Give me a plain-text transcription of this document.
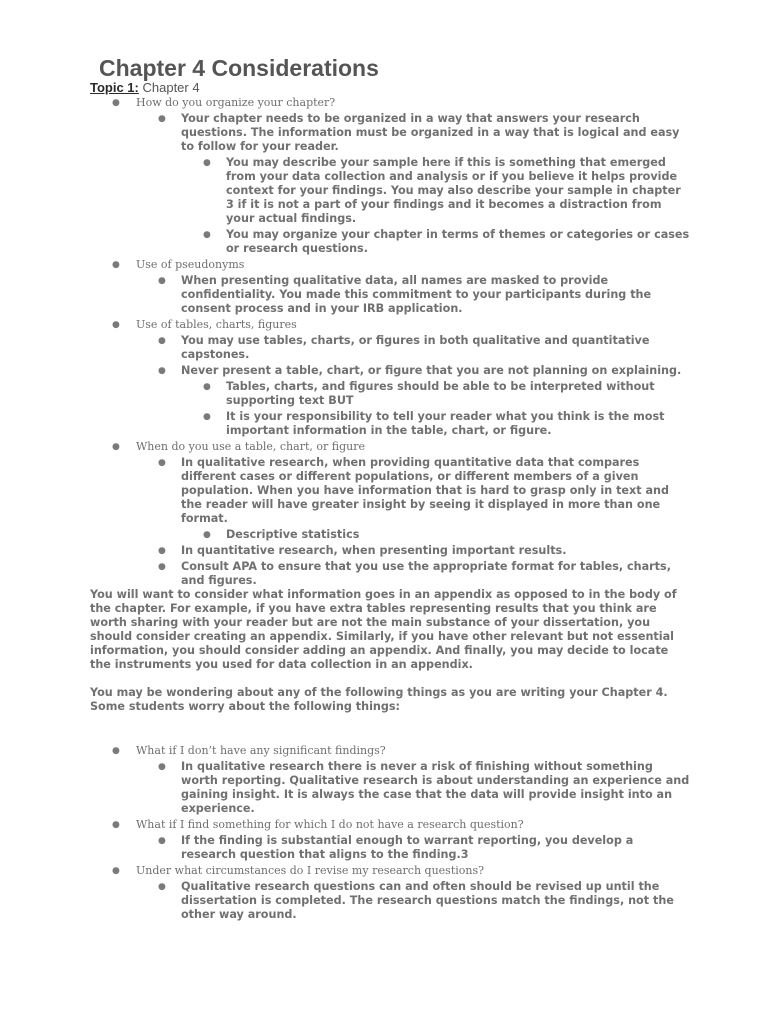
Chapter 4 Considerations
Topic 1: Chapter 4
● How do you organize your chapter?
● Your chapter needs to be organized in a way that answers your research questions. The information must be organized in a way that is logical and easy to follow for your reader.
● You may describe your sample here if this is something that emerged from your data collection and analysis or if you believe it helps provide context for your findings. You may also describe your sample in chapter 3 if it is not a part of your findings and it becomes a distraction from your actual findings.
● You may organize your chapter in terms of themes or categories or cases or research questions.
● Use of pseudonyms
● When presenting qualitative data, all names are masked to provide confidentiality. You made this commitment to your participants during the consent process and in your IRB application.
● Use of tables, charts, figures
● You may use tables, charts, or figures in both qualitative and quantitative capstones.
● Never present a table, chart, or figure that you are not planning on explaining.
● Tables, charts, and figures should be able to be interpreted without supporting text BUT
● It is your responsibility to tell your reader what you think is the most important information in the table, chart, or figure.
● When do you use a table, chart, or figure
● In qualitative research, when providing quantitative data that compares different cases or different populations, or different members of a given population. When you have information that is hard to grasp only in text and the reader will have greater insight by seeing it displayed in more than one format.
● Descriptive statistics
● In quantitative research, when presenting important results.
● Consult APA to ensure that you use the appropriate format for tables, charts, and figures.

You will want to consider what information goes in an appendix as opposed to in the body of the chapter. For example, if you have extra tables representing results that you think are worth sharing with your reader but are not the main substance of your dissertation, you should consider creating an appendix. Similarly, if you have other relevant but not essential information, you should consider adding an appendix. And finally, you may decide to locate the instruments you used for data collection in an appendix.

You may be wondering about any of the following things as you are writing your Chapter 4. Some students worry about the following things:

● What if I don’t have any significant findings?
● In qualitative research there is never a risk of finishing without something worth reporting. Qualitative research is about understanding an experience and gaining insight. It is always the case that the data will provide insight into an experience.
● What if I find something for which I do not have a research question?
● If the finding is substantial enough to warrant reporting, you develop a research question that aligns to the finding.3
● Under what circumstances do I revise my research questions?
● Qualitative research questions can and often should be revised up until the dissertation is completed. The research questions match the findings, not the other way around.
